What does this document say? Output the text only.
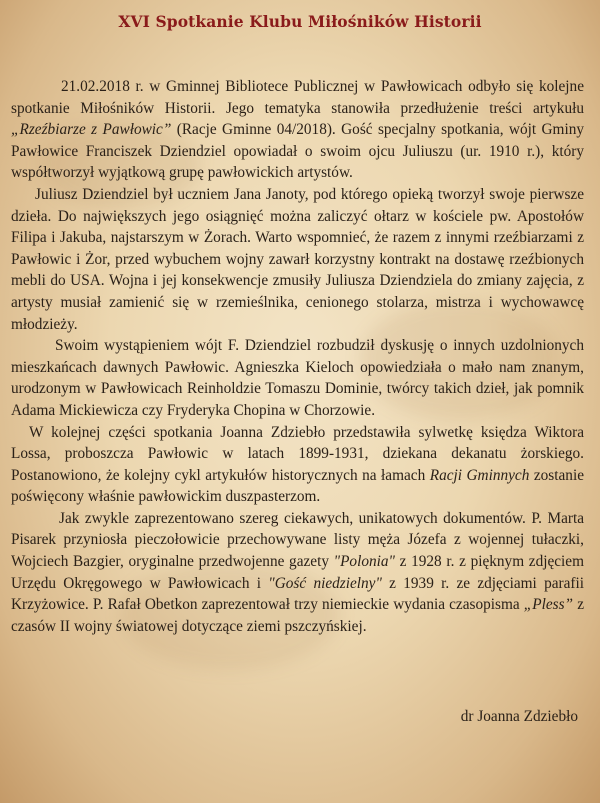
XVI Spotkanie Klubu Miłośników Historii

21.02.2018 r. w Gminnej Bibliotece Publicznej w Pawłowicach odbyło się kolejne spotkanie Miłośników Historii. Jego tematyka stanowiła przedłużenie treści artykułu „Rzeźbiarze z Pawłowic” (Racje Gminne 04/2018). Gość specjalny spotkania, wójt Gminy Pawłowice Franciszek Dziendziel opowiadał o swoim ojcu Juliuszu (ur. 1910 r.), który współtworzył wyjątkową grupę pawłowickich artystów.

Juliusz Dziendziel był uczniem Jana Janoty, pod którego opieką tworzył swoje pierwsze dzieła. Do największych jego osiągnięć można zaliczyć ołtarz w kościele pw. Apostołów Filipa i Jakuba, najstarszym w Żorach. Warto wspomnieć, że razem z innymi rzeźbiarzami z Pawłowic i Żor, przed wybuchem wojny zawarł korzystny kontrakt na dostawę rzeźbionych mebli do USA. Wojna i jej konsekwencje zmusiły Juliusza Dziendziela do zmiany zajęcia, z artysty musiał zamienić się w rzemieślnika, cenionego stolarza, mistrza i wychowawcę młodzieży.

Swoim wystąpieniem wójt F. Dziendziel rozbudził dyskusję o innych uzdolnionych mieszkańcach dawnych Pawłowic. Agnieszka Kieloch opowiedziała o mało nam znanym, urodzonym w Pawłowicach Reinholdzie Tomaszu Dominie, twórcy takich dzieł, jak pomnik Adama Mickiewicza czy Fryderyka Chopina w Chorzowie.

W kolejnej części spotkania Joanna Zdziebło przedstawiła sylwetkę księdza Wiktora Lossa, proboszcza Pawłowic w latach 1899-1931, dziekana dekanatu żorskiego. Postanowiono, że kolejny cykl artykułów historycznych na łamach Racji Gminnych zostanie poświęcony właśnie pawłowickim duszpasterzom.

Jak zwykle zaprezentowano szereg ciekawych, unikatowych dokumentów. P. Marta Pisarek przyniosła pieczołowicie przechowywane listy męża Józefa z wojennej tułaczki, Wojciech Bazgier, oryginalne przedwojenne gazety "Polonia" z 1928 r. z pięknym zdjęciem Urzędu Okręgowego w Pawłowicach i "Gość niedzielny" z 1939 r. ze zdjęciami parafii Krzyżowice. P. Rafał Obetkon zaprezentował trzy niemieckie wydania czasopisma „Pless” z czasów II wojny światowej dotyczące ziemi pszczyńskiej.

dr Joanna Zdziebło
